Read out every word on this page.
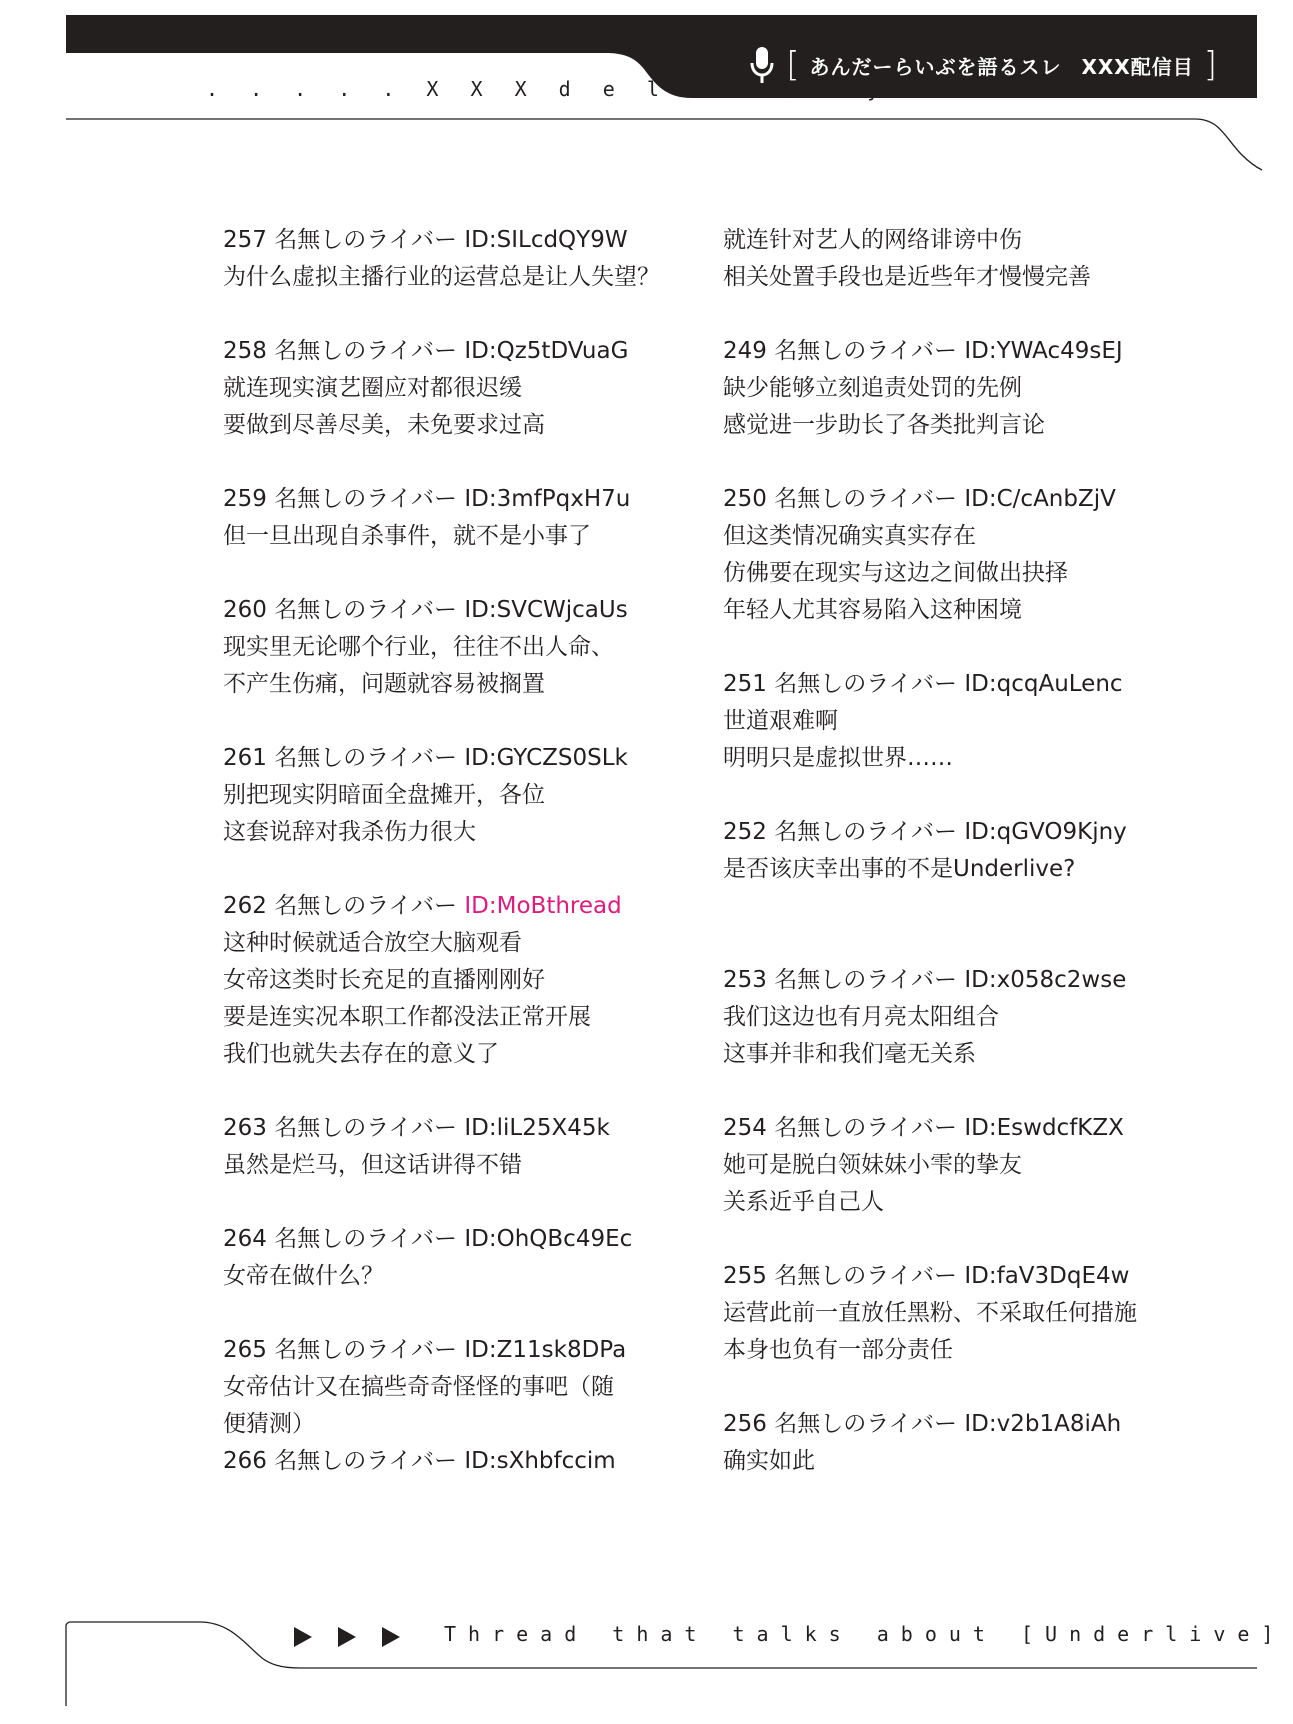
. . . . . X X X d e l i v e r y
[ あんだーらいぶを語るスレ XXX配信目 ]
257 名無しのライバー ID:SILcdQY9W
为什么虚拟主播行业的运营总是让人失望？
258 名無しのライバー ID:Qz5tDVuaG
就连现实演艺圈应对都很迟缓
要做到尽善尽美，未免要求过高
259 名無しのライバー ID:3mfPqxH7u
但一旦出现自杀事件，就不是小事了
260 名無しのライバー ID:SVCWjcaUs
现实里无论哪个行业，往往不出人命、
不产生伤痛，问题就容易被搁置
261 名無しのライバー ID:GYCZS0SLk
别把现实阴暗面全盘摊开，各位
这套说辞对我杀伤力很大
262 名無しのライバー ID:MoBthread
这种时候就适合放空大脑观看
女帝这类时长充足的直播刚刚好
要是连实况本职工作都没法正常开展
我们也就失去存在的意义了
263 名無しのライバー ID:liL25X45k
虽然是烂马，但这话讲得不错
264 名無しのライバー ID:OhQBc49Ec
女帝在做什么？
265 名無しのライバー ID:Z11sk8DPa
女帝估计又在搞些奇奇怪怪的事吧（随
便猜测）
266 名無しのライバー ID:sXhbfccim
就连针对艺人的网络诽谤中伤
相关处置手段也是近些年才慢慢完善
249 名無しのライバー ID:YWAc49sEJ
缺少能够立刻追责处罚的先例
感觉进一步助长了各类批判言论
250 名無しのライバー ID:C/cAnbZjV
但这类情况确实真实存在
仿佛要在现实与这边之间做出抉择
年轻人尤其容易陷入这种困境
251 名無しのライバー ID:qcqAuLenc
世道艰难啊
明明只是虚拟世界……
252 名無しのライバー ID:qGVO9Kjny
是否该庆幸出事的不是Underlive?
253 名無しのライバー ID:x058c2wse
我们这边也有月亮太阳组合
这事并非和我们毫无关系
254 名無しのライバー ID:EswdcfKZX
她可是脱白领妹妹小雫的挚友
关系近乎自己人
255 名無しのライバー ID:faV3DqE4w
运营此前一直放任黑粉、不采取任何措施
本身也负有一部分责任
256 名無しのライバー ID:v2b1A8iAh
确实如此
Thread that talks about [Underlive]
